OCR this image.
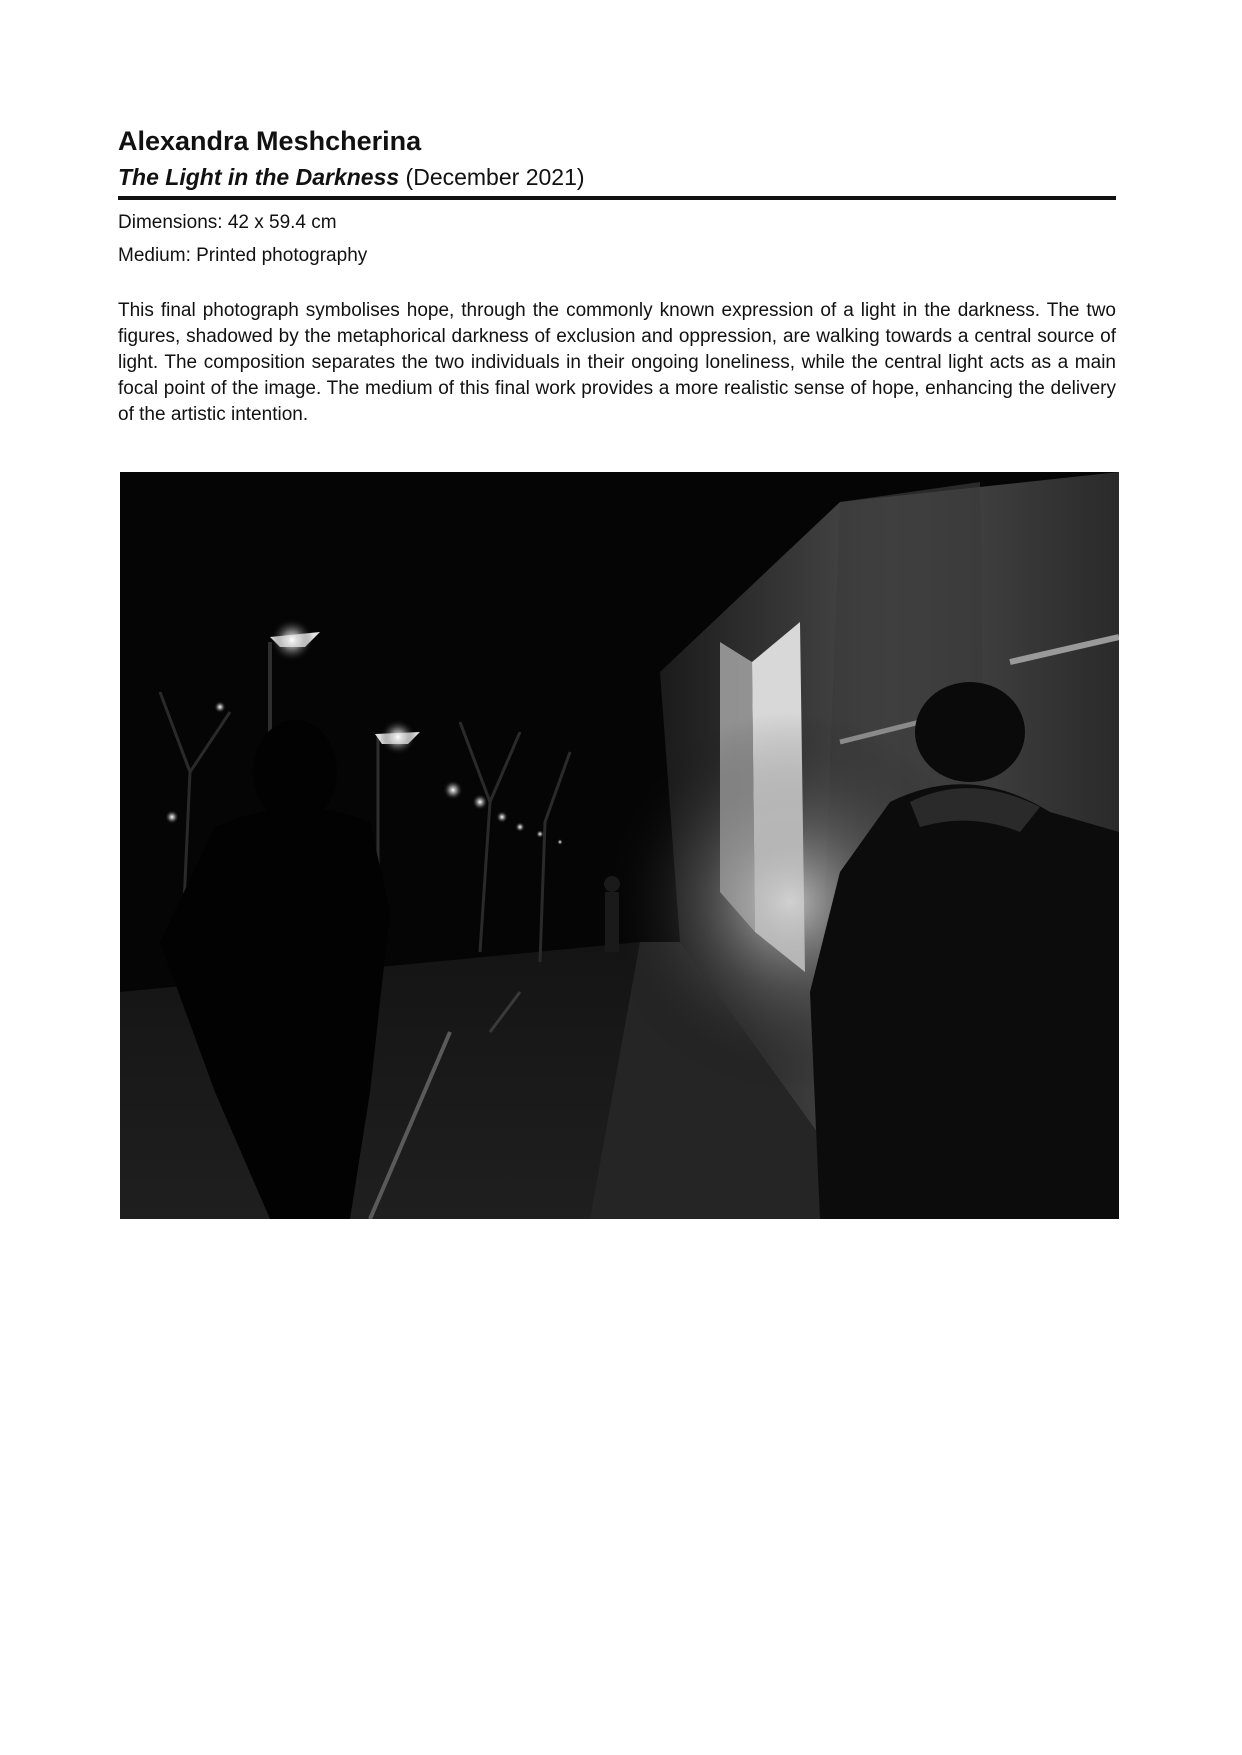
Alexandra Meshcherina
The Light in the Darkness (December 2021)
Dimensions: 42 x 59.4 cm
Medium: Printed photography

This final photograph symbolises hope, through the commonly known expression of a light in the darkness. The two figures, shadowed by the metaphorical darkness of exclusion and oppression, are walking towards a central source of light. The composition separates the two individuals in their ongoing loneliness, while the central light acts as a main focal point of the image. The medium of this final work provides a more realistic sense of hope, enhancing the delivery of the artistic intention.
